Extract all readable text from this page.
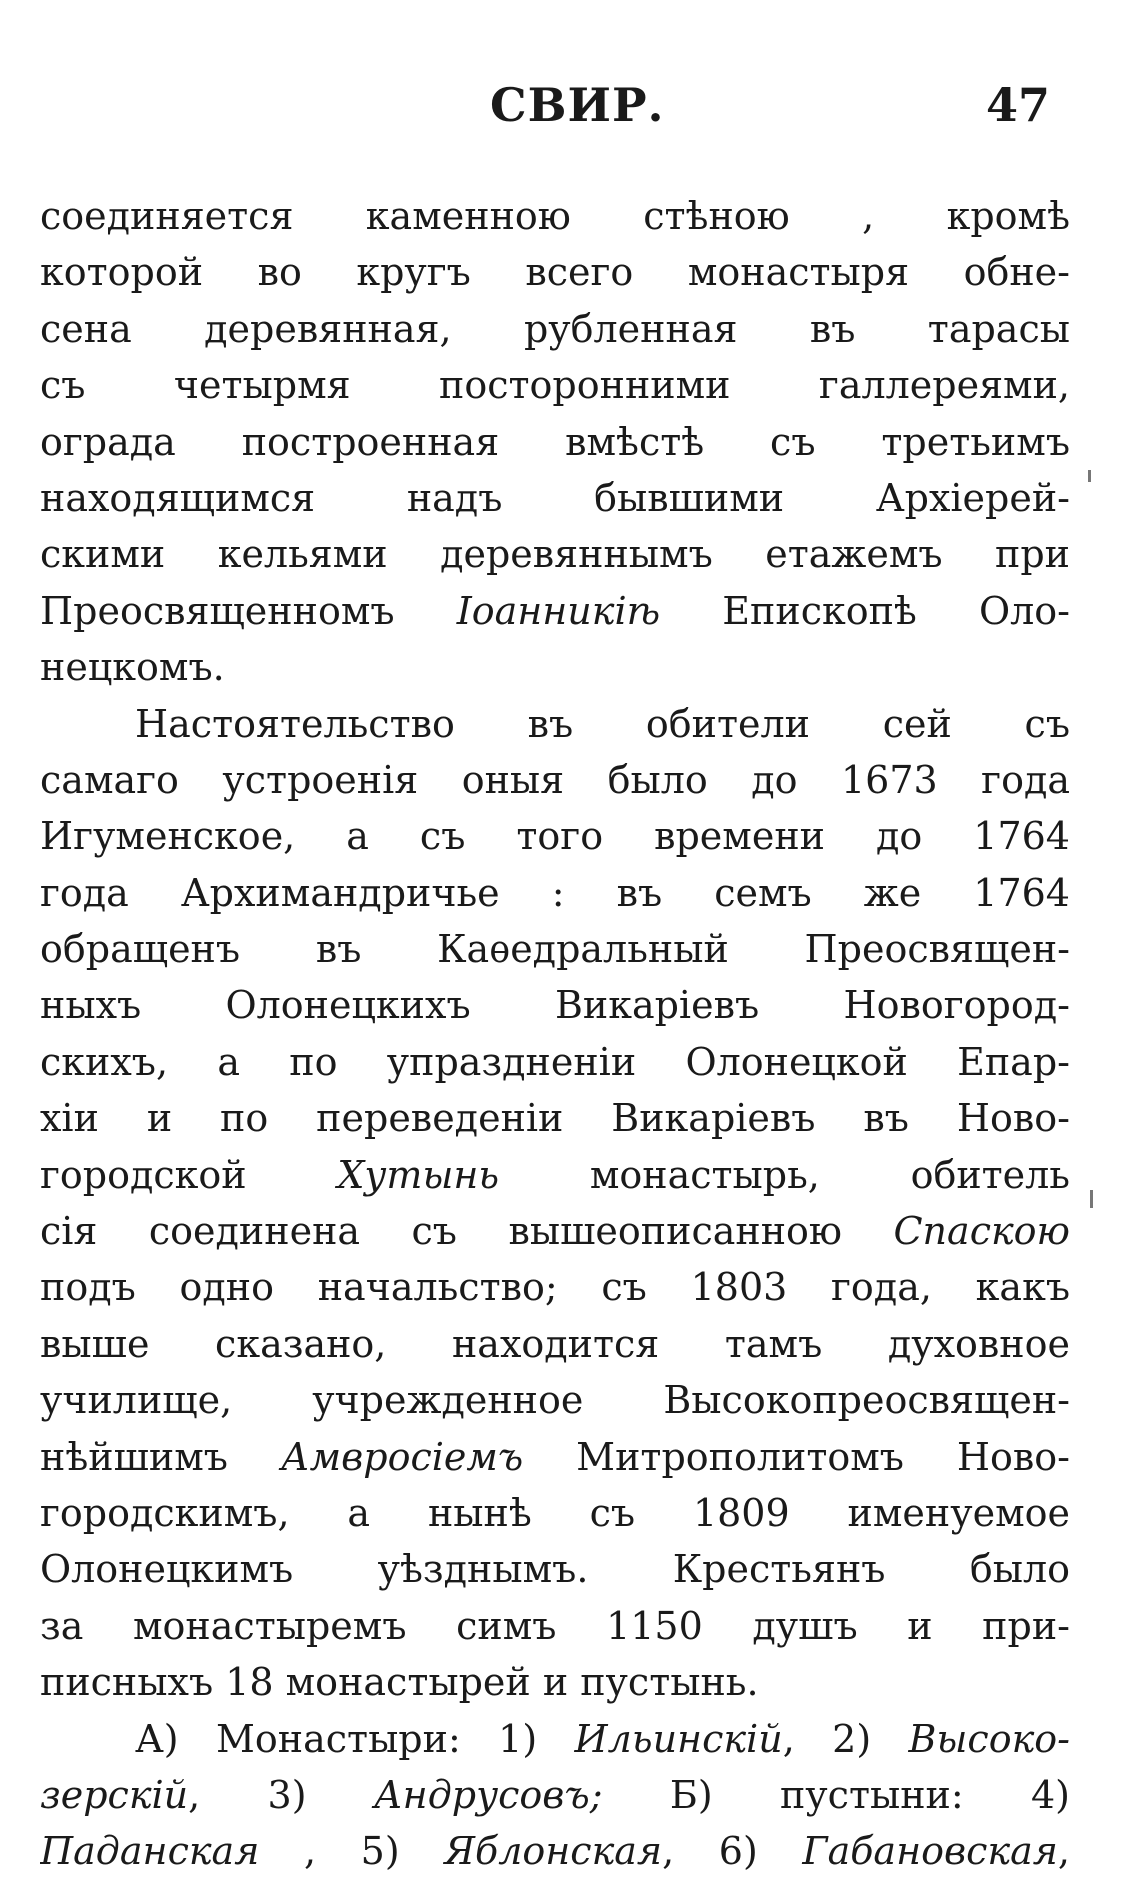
СВИР.	47
соединяется каменною стѣною , кромѣ
которой во кругъ всего монастыря обне-
сена деревянная, рубленная въ тарасы
съ четырмя посторонними галлереями,
ограда построенная вмѣстѣ съ третьимъ
находящимся надъ бывшими Архiерей-
скими кельями деревяннымъ етажемъ при
Преосвященномъ Iоанникiѣ Епископѣ Оло-
нецкомъ.
Настоятельство въ обители сей съ
самаго устроенiя оныя было до 1673 года
Игуменское, а съ того времени до 1764
года Архимандричье : въ семъ же 1764
обращенъ въ Каѳедральный Преосвящен-
ныхъ Олонецкихъ Викарiевъ Новогород-
скихъ, а по упраздненiи Олонецкой Епар-
хiи и по переведенiи Викарiевъ въ Ново-
городской Хутынь монастырь, обитель
сiя соединена съ вышеописанною Спаскою
подъ одно начальство; съ 1803 года, какъ
выше сказано, находится тамъ духовное
училище, учрежденное Высокопреосвящен-
нѣйшимъ Амвросiемъ Митрополитомъ Ново-
городскимъ, а нынѣ съ 1809 именуемое
Олонецкимъ уѣзднымъ. Крестьянъ было
за монастыремъ симъ 1150 душъ и при-
писныхъ 18 монастырей и пустынь.
А) Монастыри: 1) Ильинскiй, 2) Высоко-
зерскiй, 3) Андрусовъ; Б) пустыни: 4)
Паданская , 5) Яблонская, 6) Габановская,
